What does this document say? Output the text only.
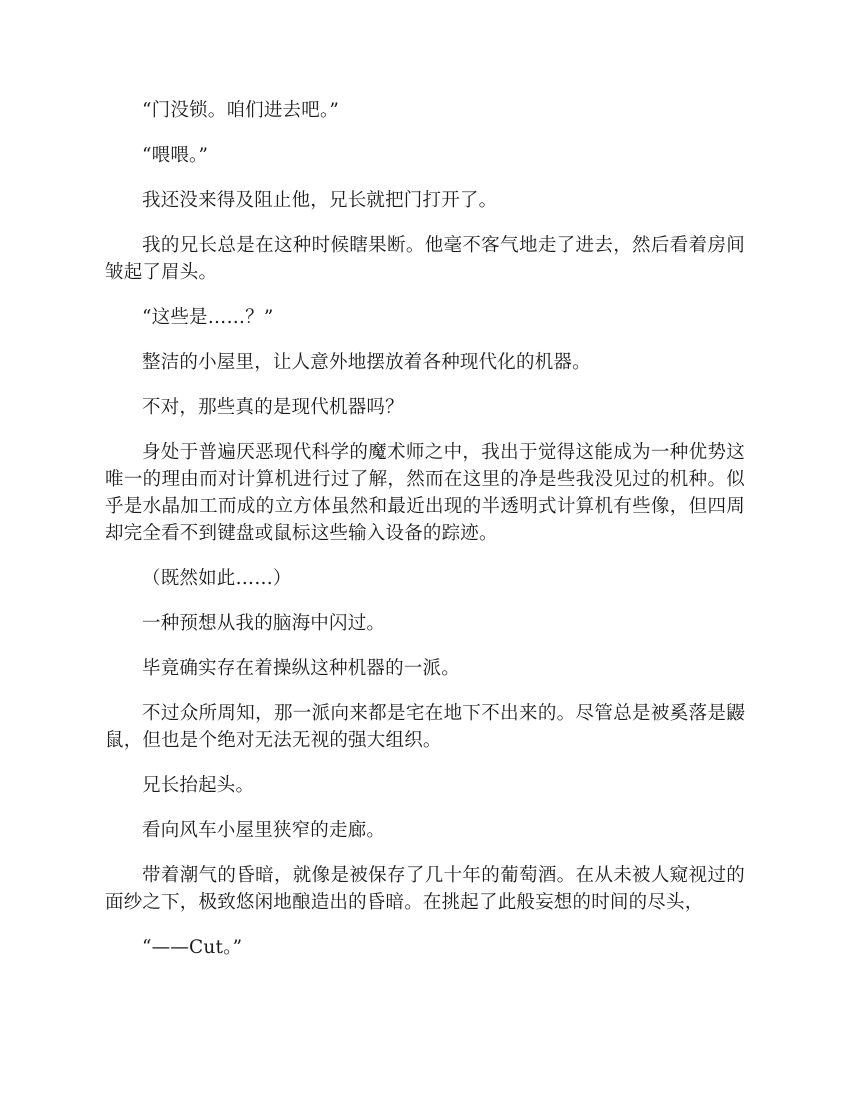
“门没锁。咱们进去吧。”

“喂喂。”

我还没来得及阻止他，兄长就把门打开了。

我的兄长总是在这种时候瞎果断。他毫不客气地走了进去，然后看着房间皱起了眉头。

“这些是……？”

整洁的小屋里，让人意外地摆放着各种现代化的机器。

不对，那些真的是现代机器吗？

身处于普遍厌恶现代科学的魔术师之中，我出于觉得这能成为一种优势这唯一的理由而对计算机进行过了解，然而在这里的净是些我没见过的机种。似乎是水晶加工而成的立方体虽然和最近出现的半透明式计算机有些像，但四周却完全看不到键盘或鼠标这些输入设备的踪迹。

（既然如此……）

一种预想从我的脑海中闪过。

毕竟确实存在着操纵这种机器的一派。

不过众所周知，那一派向来都是宅在地下不出来的。尽管总是被奚落是鼹鼠，但也是个绝对无法无视的强大组织。

兄长抬起头。

看向风车小屋里狭窄的走廊。

带着潮气的昏暗，就像是被保存了几十年的葡萄酒。在从未被人窥视过的面纱之下，极致悠闲地酿造出的昏暗。在挑起了此般妄想的时间的尽头，

“——Cut。”
